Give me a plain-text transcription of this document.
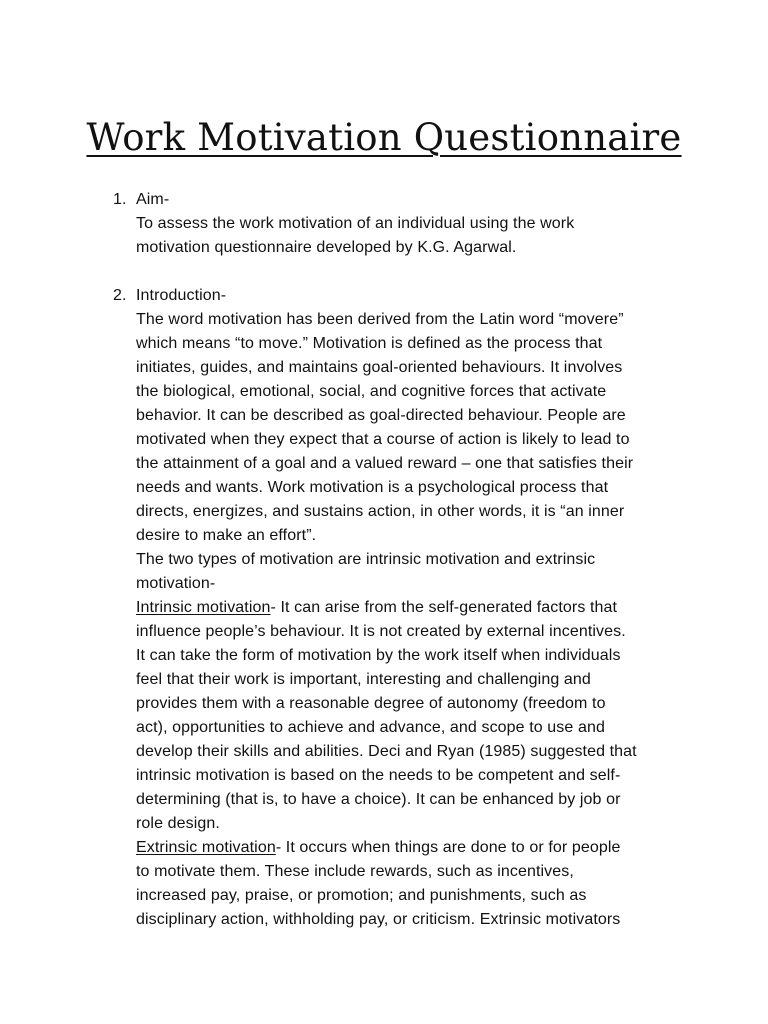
Work Motivation Questionnaire
1. Aim-
To assess the work motivation of an individual using the work
motivation questionnaire developed by K.G. Agarwal.
2. Introduction-
The word motivation has been derived from the Latin word “movere”
which means “to move.” Motivation is defined as the process that
initiates, guides, and maintains goal-oriented behaviours. It involves
the biological, emotional, social, and cognitive forces that activate
behavior. It can be described as goal-directed behaviour. People are
motivated when they expect that a course of action is likely to lead to
the attainment of a goal and a valued reward – one that satisfies their
needs and wants. Work motivation is a psychological process that
directs, energizes, and sustains action, in other words, it is “an inner
desire to make an effort”.
The two types of motivation are intrinsic motivation and extrinsic
motivation-
Intrinsic motivation- It can arise from the self-generated factors that
influence people’s behaviour. It is not created by external incentives.
It can take the form of motivation by the work itself when individuals
feel that their work is important, interesting and challenging and
provides them with a reasonable degree of autonomy (freedom to
act), opportunities to achieve and advance, and scope to use and
develop their skills and abilities. Deci and Ryan (1985) suggested that
intrinsic motivation is based on the needs to be competent and self-
determining (that is, to have a choice). It can be enhanced by job or
role design.
Extrinsic motivation- It occurs when things are done to or for people
to motivate them. These include rewards, such as incentives,
increased pay, praise, or promotion; and punishments, such as
disciplinary action, withholding pay, or criticism. Extrinsic motivators
